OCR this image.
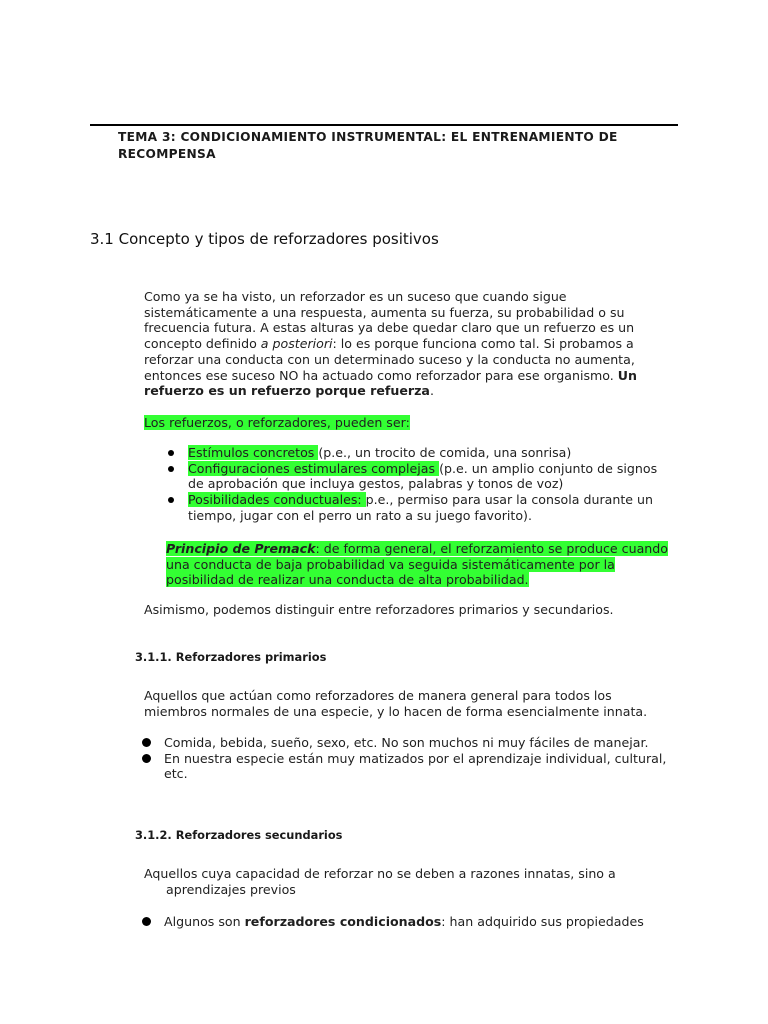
TEMA 3: CONDICIONAMIENTO INSTRUMENTAL: EL ENTRENAMIENTO DE
RECOMPENSA
3.1 Concepto y tipos de reforzadores positivos
Como ya se ha visto, un reforzador es un suceso que cuando sigue sistemáticamente a una respuesta, aumenta su fuerza, su probabilidad o su frecuencia futura. A estas alturas ya debe quedar claro que un refuerzo es un concepto definido a posteriori: lo es porque funciona como tal. Si probamos a reforzar una conducta con un determinado suceso y la conducta no aumenta, entonces ese suceso NO ha actuado como reforzador para ese organismo. Un refuerzo es un refuerzo porque refuerza.
Los refuerzos, o reforzadores, pueden ser:
Estímulos concretos (p.e., un trocito de comida, una sonrisa)
Configuraciones estimulares complejas (p.e. un amplio conjunto de signos de aprobación que incluya gestos, palabras y tonos de voz)
Posibilidades conductuales: p.e., permiso para usar la consola durante un tiempo, jugar con el perro un rato a su juego favorito).
Principio de Premack: de forma general, el reforzamiento se produce cuando una conducta de baja probabilidad va seguida sistemáticamente por la posibilidad de realizar una conducta de alta probabilidad.
Asimismo, podemos distinguir entre reforzadores primarios y secundarios.
3.1.1. Reforzadores primarios
Aquellos que actúan como reforzadores de manera general para todos los miembros normales de una especie, y lo hacen de forma esencialmente innata.
Comida, bebida, sueño, sexo, etc. No son muchos ni muy fáciles de manejar.
En nuestra especie están muy matizados por el aprendizaje individual, cultural, etc.
3.1.2. Reforzadores secundarios
Aquellos cuya capacidad de reforzar no se deben a razones innatas, sino a
aprendizajes previos
Algunos son reforzadores condicionados: han adquirido sus propiedades
